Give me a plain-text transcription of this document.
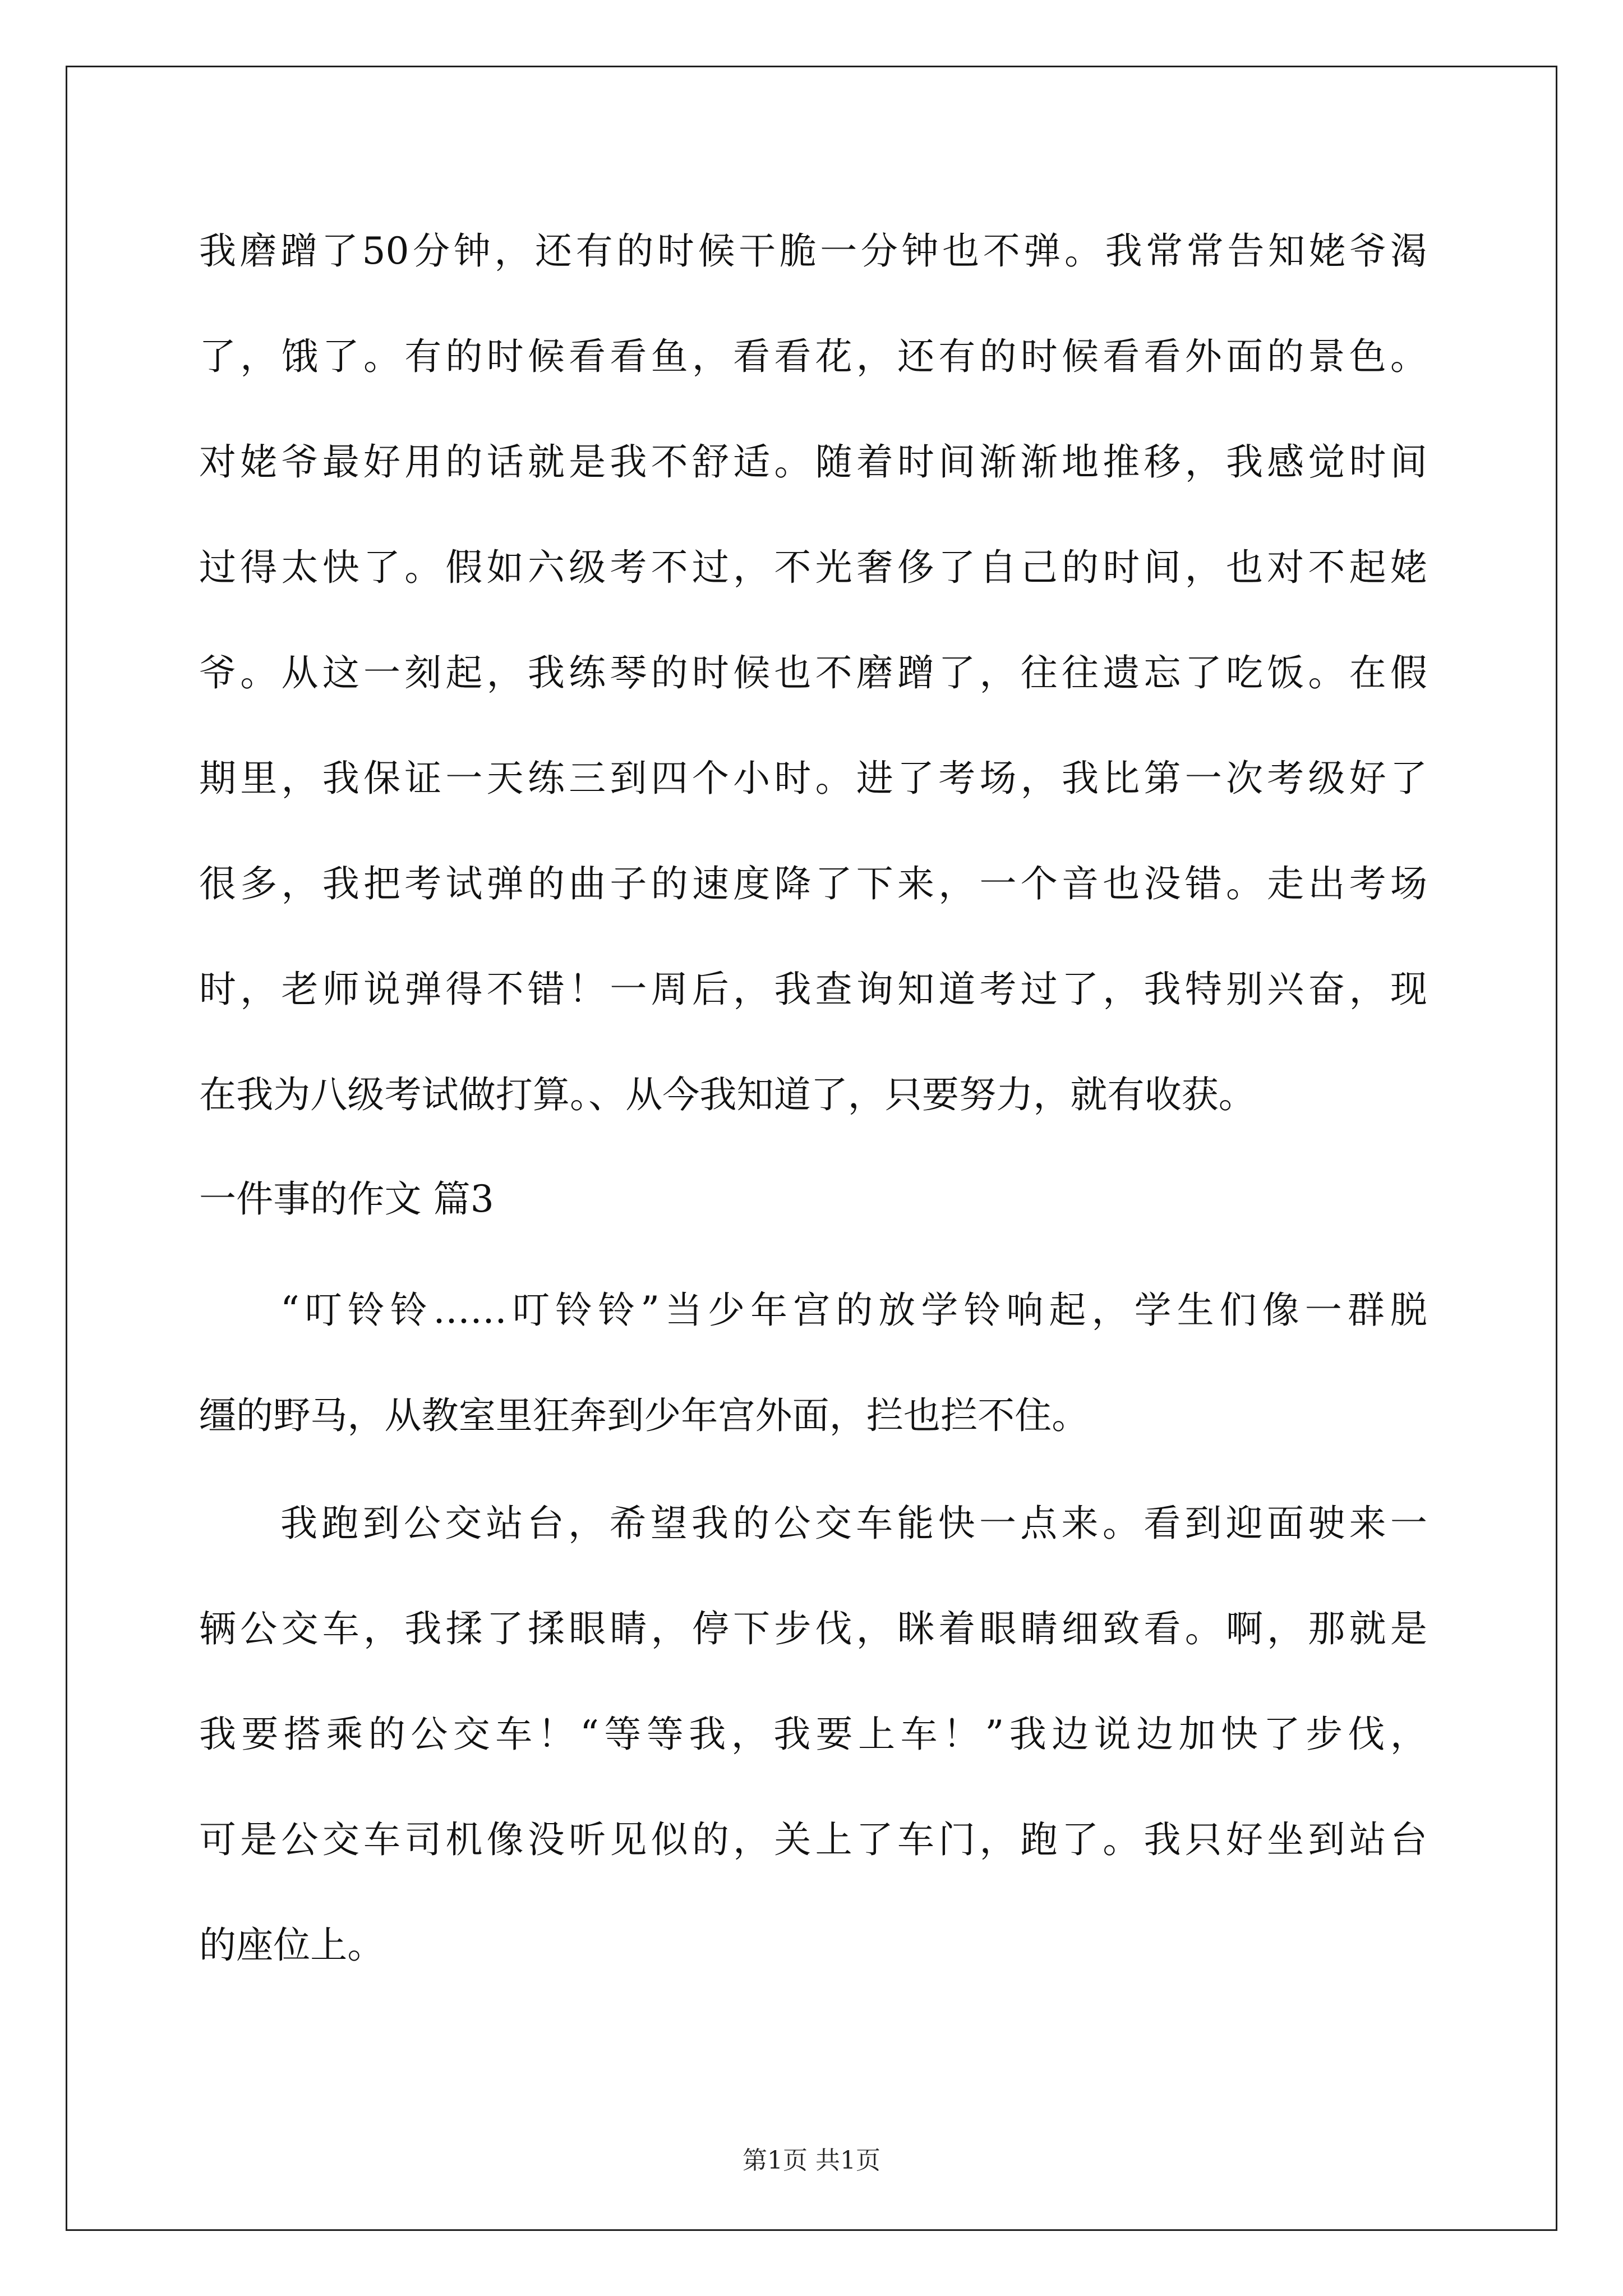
我磨蹭了50分钟，还有的时候干脆一分钟也不弹。我常常告知姥爷渴
了，饿了。有的时候看看鱼，看看花，还有的时候看看外面的景色。
对姥爷最好用的话就是我不舒适。随着时间渐渐地推移，我感觉时间
过得太快了。假如六级考不过，不光奢侈了自己的时间，也对不起姥
爷。从这一刻起，我练琴的时候也不磨蹭了，往往遗忘了吃饭。在假
期里，我保证一天练三到四个小时。进了考场，我比第一次考级好了
很多，我把考试弹的曲子的速度降了下来，一个音也没错。走出考场
时，老师说弹得不错！一周后，我查询知道考过了，我特别兴奋，现
在我为八级考试做打算。、从今我知道了，只要努力，就有收获。
一件事的作文 篇3
“叮铃铃……叮铃铃”当少年宫的放学铃响起，学生们像一群脱
缰的野马，从教室里狂奔到少年宫外面，拦也拦不住。
我跑到公交站台，希望我的公交车能快一点来。看到迎面驶来一
辆公交车，我揉了揉眼睛，停下步伐，眯着眼睛细致看。啊，那就是
我要搭乘的公交车！“等等我，我要上车！”我边说边加快了步伐，
可是公交车司机像没听见似的，关上了车门，跑了。我只好坐到站台
的座位上。
第1页 共1页
